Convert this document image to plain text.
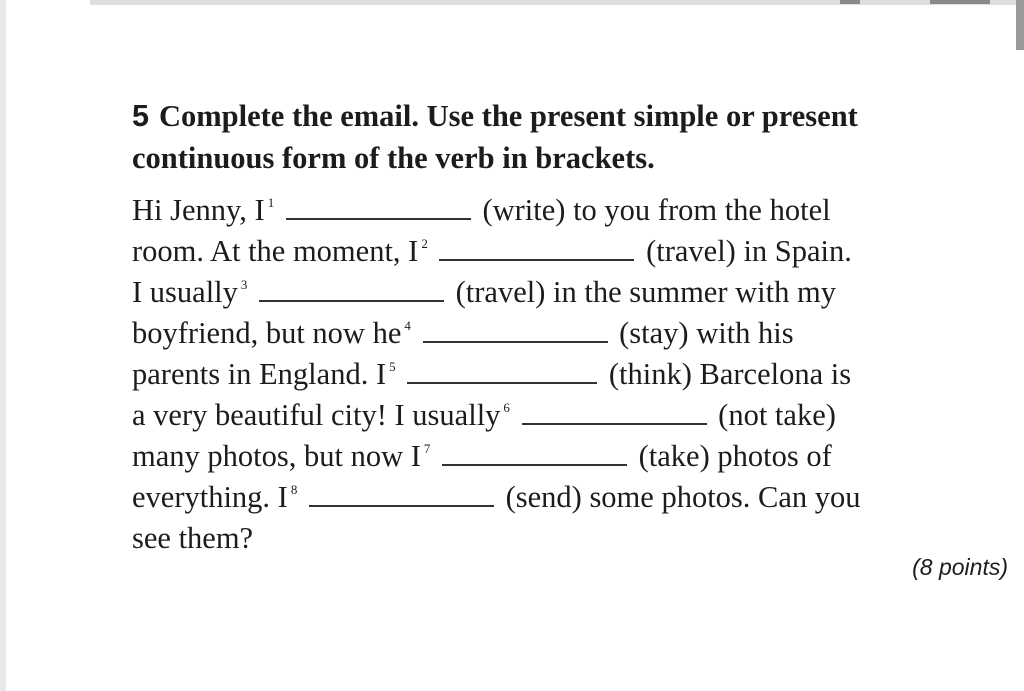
5 Complete the email. Use the present simple or present continuous form of the verb in brackets.
Hi Jenny, I $^1$	(write) to you from the hotel
room. At the moment, I $^2$	(travel) in Spain.
I usually $^3$	(travel) in the summer with my
boyfriend, but now he $^4$	(stay) with his
parents in England. I $^5$	(think) Barcelona is
a very beautiful city! I usually $^6$	(not take)
many photos, but now I $^7$	(take) photos of
everything. I $^8$	(send) some photos. Can you
see them?
(8 points)
